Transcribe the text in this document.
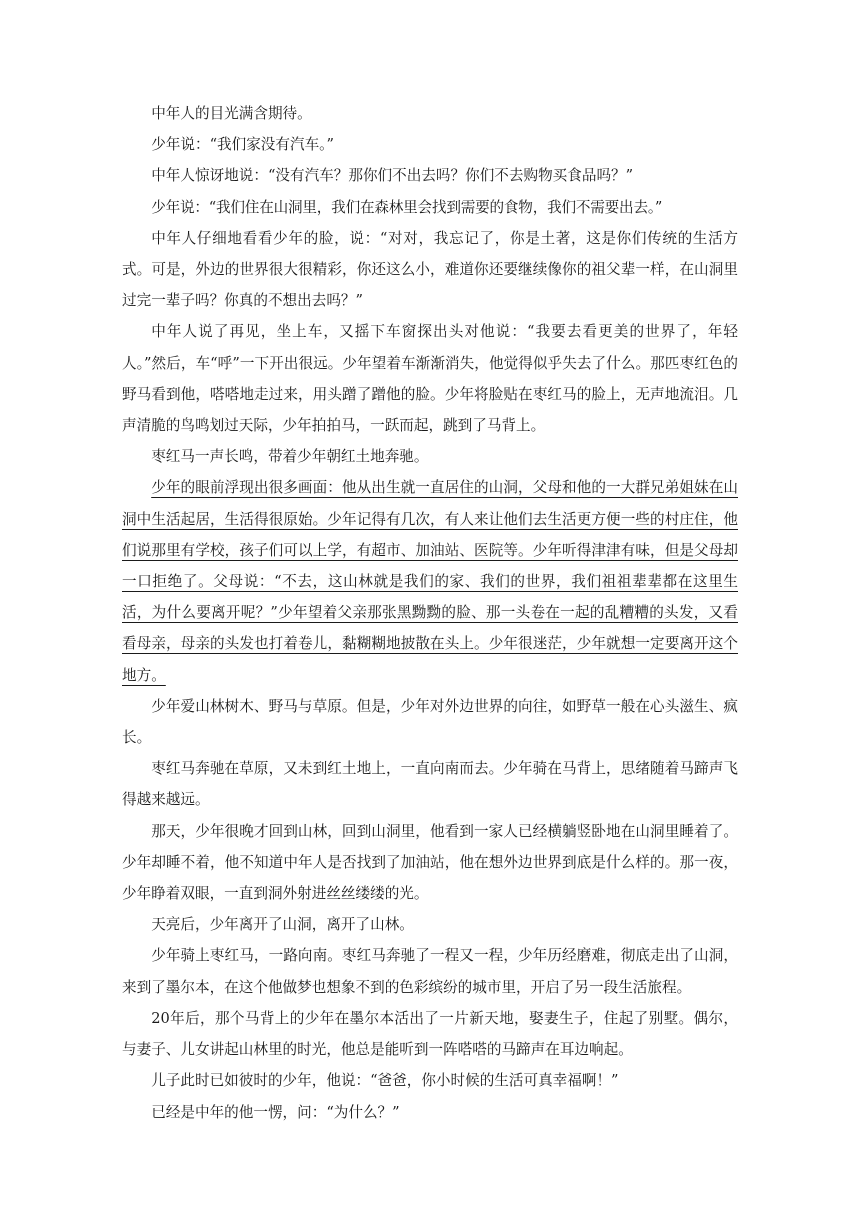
中年人的目光满含期待。

少年说：“我们家没有汽车。”

中年人惊讶地说：“没有汽车？那你们不出去吗？你们不去购物买食品吗？”

少年说：“我们住在山洞里，我们在森林里会找到需要的食物，我们不需要出去。”

中年人仔细地看看少年的脸，说：“对对，我忘记了，你是土著，这是你们传统的生活方式。可是，外边的世界很大很精彩，你还这么小，难道你还要继续像你的祖父辈一样，在山洞里过完一辈子吗？你真的不想出去吗？”

中年人说了再见，坐上车，又摇下车窗探出头对他说：“我要去看更美的世界了，年轻人。”然后，车“呼”一下开出很远。少年望着车渐渐消失，他觉得似乎失去了什么。那匹枣红色的野马看到他，嗒嗒地走过来，用头蹭了蹭他的脸。少年将脸贴在枣红马的脸上，无声地流泪。几声清脆的鸟鸣划过天际，少年拍拍马，一跃而起，跳到了马背上。

枣红马一声长鸣，带着少年朝红土地奔驰。

少年的眼前浮现出很多画面：他从出生就一直居住的山洞，父母和他的一大群兄弟姐妹在山洞中生活起居，生活得很原始。少年记得有几次，有人来让他们去生活更方便一些的村庄住，他们说那里有学校，孩子们可以上学，有超市、加油站、医院等。少年听得津津有味，但是父母却一口拒绝了。父母说：“不去，这山林就是我们的家、我们的世界，我们祖祖辈辈都在这里生活，为什么要离开呢？”少年望着父亲那张黑黝黝的脸、那一头卷在一起的乱糟糟的头发，又看看母亲，母亲的头发也打着卷儿，黏糊糊地披散在头上。少年很迷茫，少年就想一定要离开这个地方。

少年爱山林树木、野马与草原。但是，少年对外边世界的向往，如野草一般在心头滋生、疯长。

枣红马奔驰在草原，又未到红土地上，一直向南而去。少年骑在马背上，思绪随着马蹄声飞得越来越远。

那天，少年很晚才回到山林，回到山洞里，他看到一家人已经横躺竖卧地在山洞里睡着了。少年却睡不着，他不知道中年人是否找到了加油站，他在想外边世界到底是什么样的。那一夜，少年睁着双眼，一直到洞外射进丝丝缕缕的光。

天亮后，少年离开了山洞，离开了山林。

少年骑上枣红马，一路向南。枣红马奔驰了一程又一程，少年历经磨难，彻底走出了山洞，来到了墨尔本，在这个他做梦也想象不到的色彩缤纷的城市里，开启了另一段生活旅程。

20年后，那个马背上的少年在墨尔本活出了一片新天地，娶妻生子，住起了别墅。偶尔，与妻子、儿女讲起山林里的时光，他总是能听到一阵嗒嗒的马蹄声在耳边响起。

儿子此时已如彼时的少年，他说：“爸爸，你小时候的生活可真幸福啊！”

已经是中年的他一愣，问：“为什么？”
